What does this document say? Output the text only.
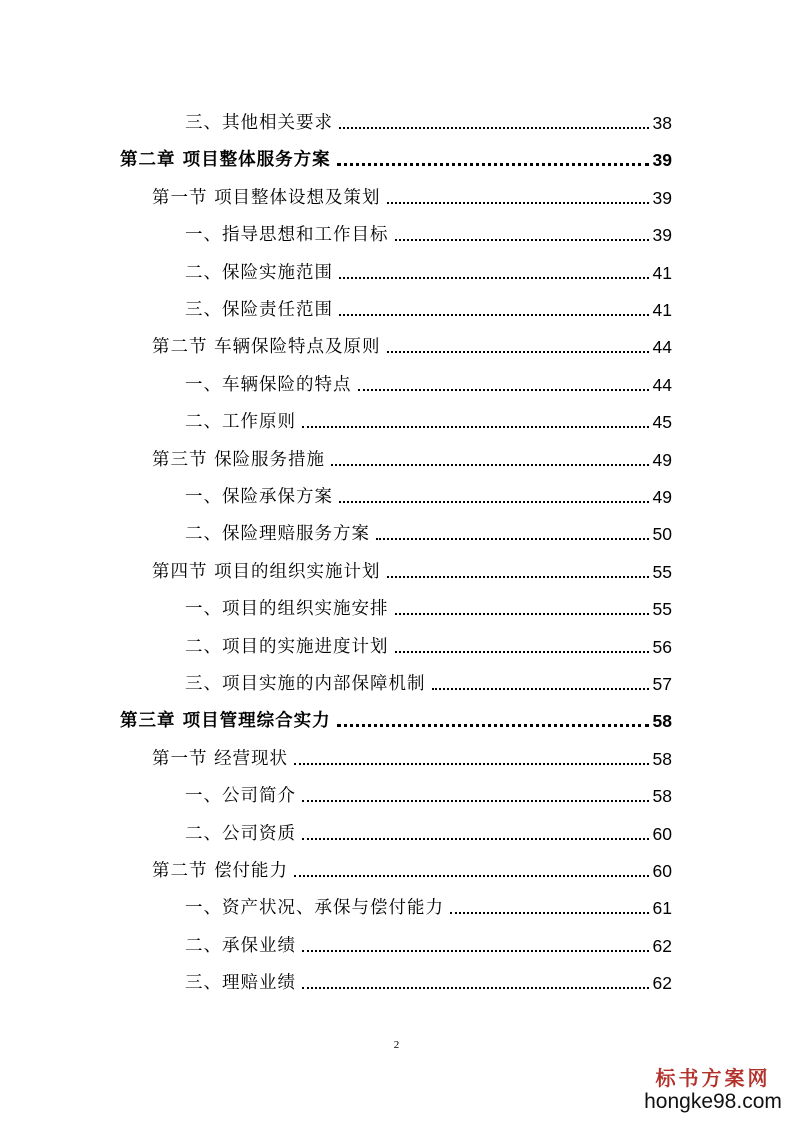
三、其他相关要求	38
第二章 项目整体服务方案	39
第一节 项目整体设想及策划	39
一、指导思想和工作目标	39
二、保险实施范围	41
三、保险责任范围	41
第二节 车辆保险特点及原则	44
一、车辆保险的特点	44
二、工作原则	45
第三节 保险服务措施	49
一、保险承保方案	49
二、保险理赔服务方案	50
第四节 项目的组织实施计划	55
一、项目的组织实施安排	55
二、项目的实施进度计划	56
三、项目实施的内部保障机制	57
第三章 项目管理综合实力	58
第一节 经营现状	58
一、公司简介	58
二、公司资质	60
第二节 偿付能力	60
一、资产状况、承保与偿付能力	61
二、承保业绩	62
三、理赔业绩	62
2
标书方案网
hongke98.com
